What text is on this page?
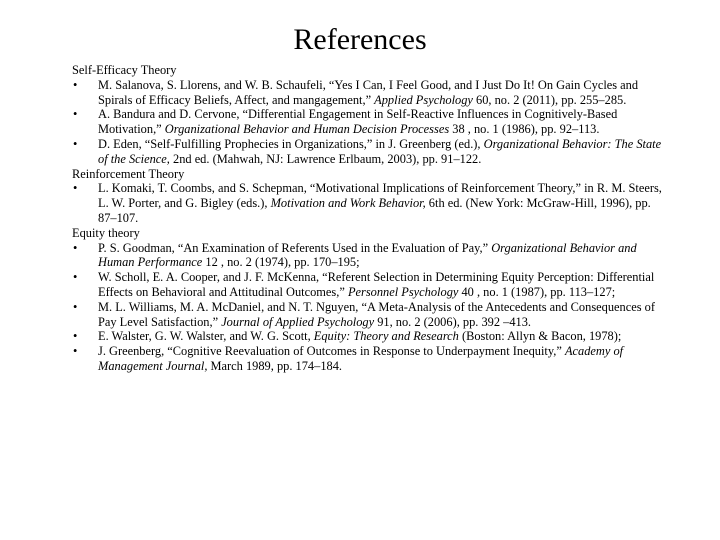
References

Self-Efficacy Theory

• M. Salanova, S. Llorens, and W. B. Schaufeli, “Yes I Can, I Feel Good, and I Just Do It! On Gain Cycles and Spirals of Efficacy Beliefs, Affect, and mangagement,” Applied Psychology 60, no. 2 (2011), pp. 255–285.

• A. Bandura and D. Cervone, “Differential Engagement in Self-Reactive Influences in Cognitively-Based Motivation,” Organizational Behavior and Human Decision Processes 38 , no. 1 (1986), pp. 92–113.

• D. Eden, “Self-Fulfilling Prophecies in Organizations,” in J. Greenberg (ed.), Organizational Behavior: The State of the Science, 2nd ed. (Mahwah, NJ: Lawrence Erlbaum, 2003), pp. 91–122.

Reinforcement Theory

• L. Komaki, T. Coombs, and S. Schepman, “Motivational Implications of Reinforcement Theory,” in R. M. Steers, L. W. Porter, and G. Bigley (eds.), Motivation and Work Behavior, 6th ed. (New York: McGraw-Hill, 1996), pp. 87–107.

Equity theory

• P. S. Goodman, “An Examination of Referents Used in the Evaluation of Pay,” Organizational Behavior and Human Performance 12 , no. 2 (1974), pp. 170–195;

• W. Scholl, E. A. Cooper, and J. F. McKenna, “Referent Selection in Determining Equity Perception: Differential Effects on Behavioral and Attitudinal Outcomes,” Personnel Psychology 40 , no. 1 (1987), pp. 113–127;

• M. L. Williams, M. A. McDaniel, and N. T. Nguyen, “A Meta-Analysis of the Antecedents and Consequences of Pay Level Satisfaction,” Journal of Applied Psychology 91, no. 2 (2006), pp. 392 –413.

• E. Walster, G. W. Walster, and W. G. Scott, Equity: Theory and Research (Boston: Allyn & Bacon, 1978);

• J. Greenberg, “Cognitive Reevaluation of Outcomes in Response to Underpayment Inequity,” Academy of Management Journal, March 1989, pp. 174–184.
